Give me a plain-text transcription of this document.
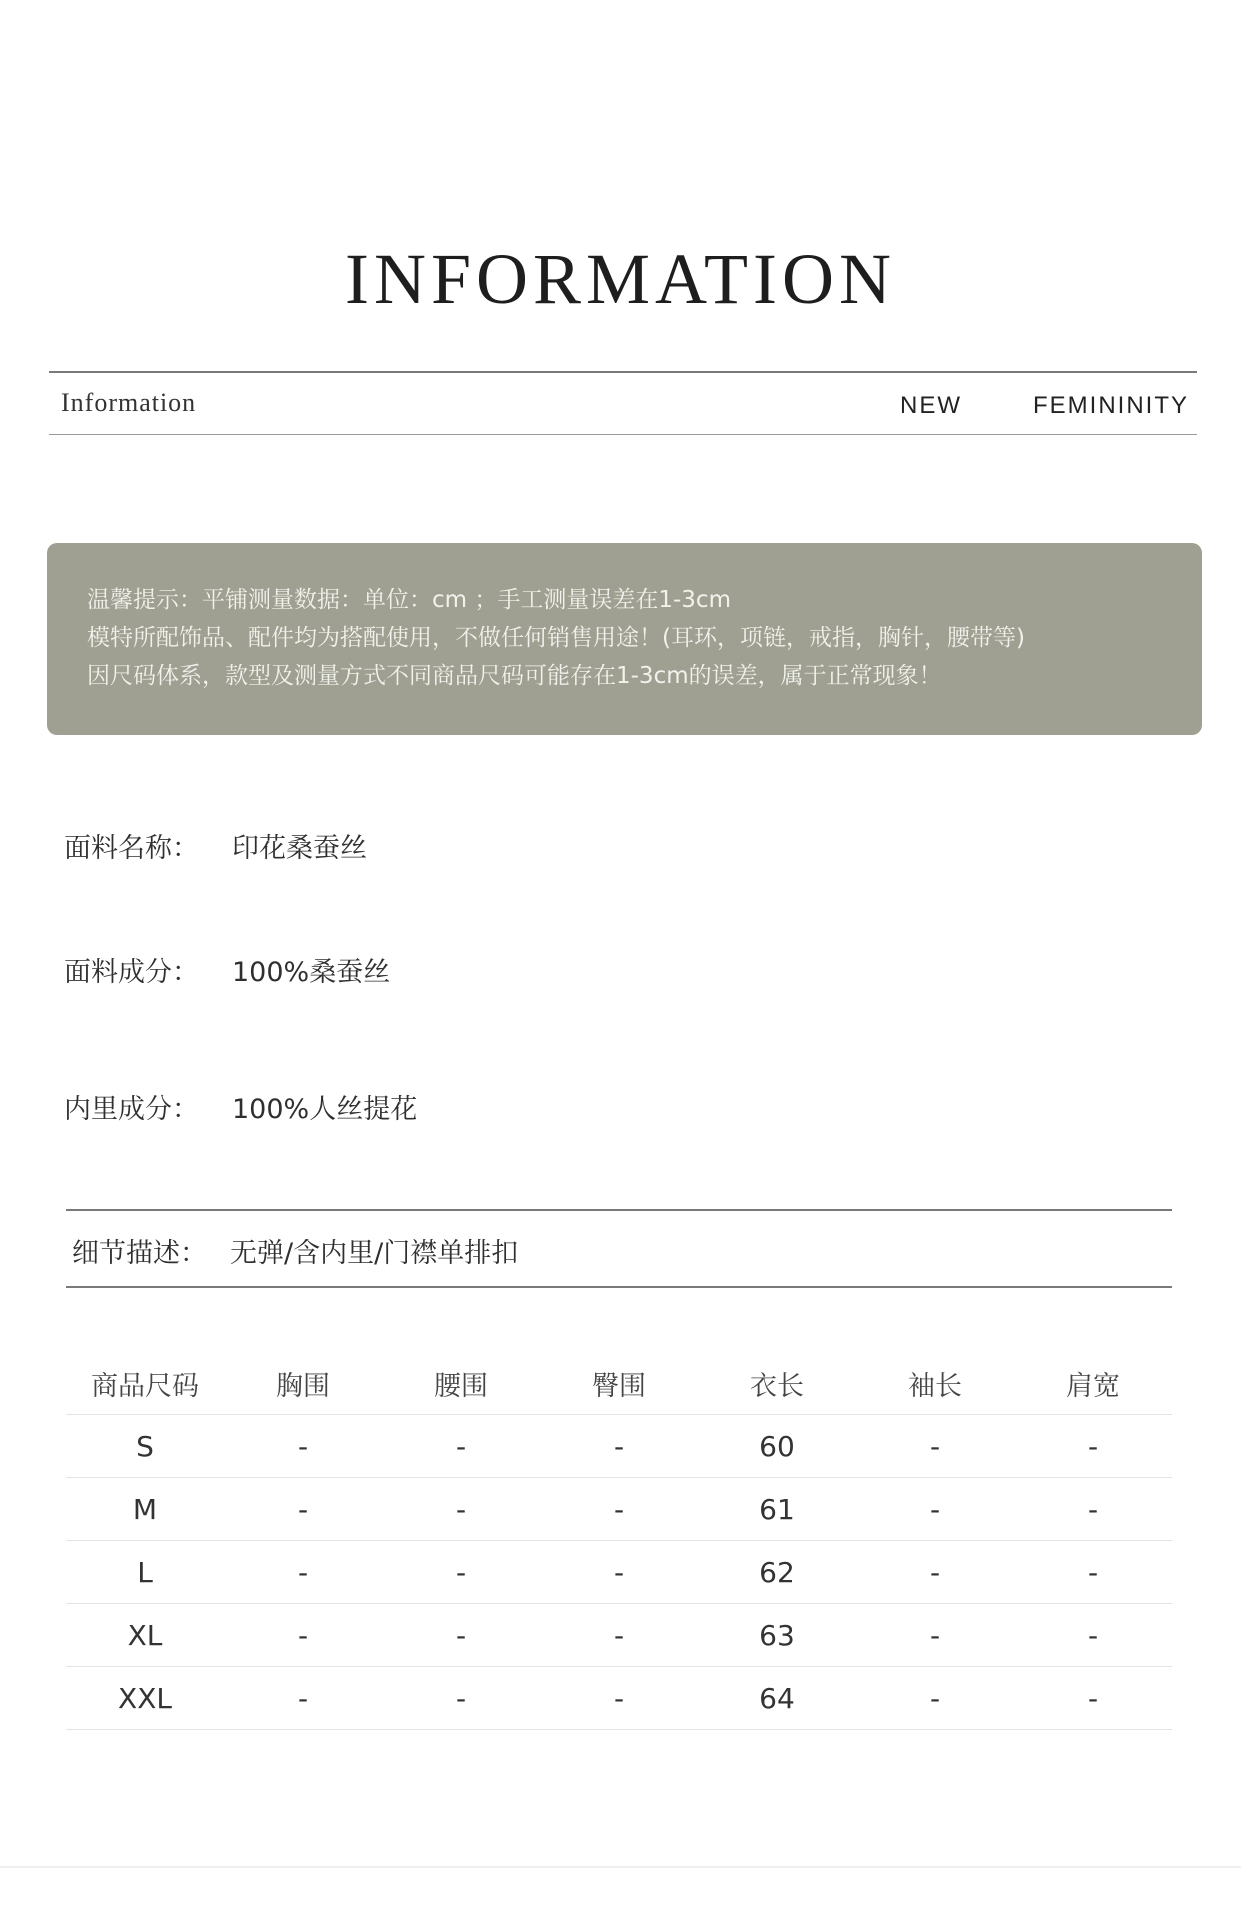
INFORMATION
Information	NEW	FEMININITY
温馨提示：平铺测量数据：单位：cm ；手工测量误差在1-3cm
模特所配饰品、配件均为搭配使用，不做任何销售用途！(耳环，项链，戒指，胸针，腰带等)
因尺码体系，款型及测量方式不同商品尺码可能存在1-3cm的误差，属于正常现象！
面料名称： 印花桑蚕丝
面料成分： 100%桑蚕丝
内里成分： 100%人丝提花
细节描述： 无弹/含内里/门襟单排扣
商品尺码	胸围	腰围	臀围	衣长	袖长	肩宽
S	-	-	-	60	-	-
M	-	-	-	61	-	-
L	-	-	-	62	-	-
XL	-	-	-	63	-	-
XXL	-	-	-	64	-	-
